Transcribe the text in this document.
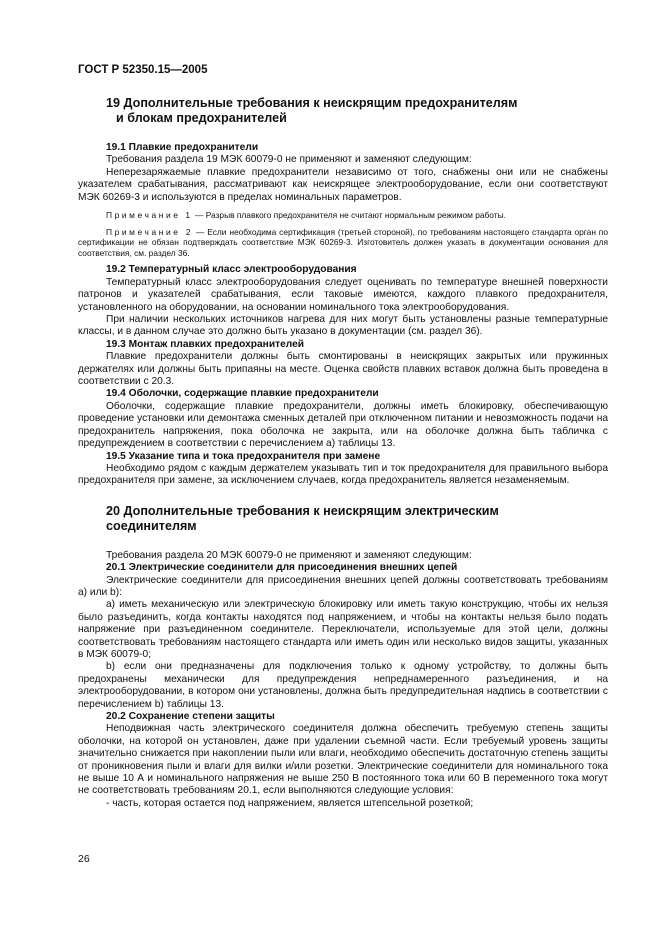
ГОСТ Р 52350.15—2005
19 Дополнительные требования к неискрящим предохранителям
и блокам предохранителей

19.1 Плавкие предохранители

Требования раздела 19 МЭК 60079-0 не применяют и заменяют следующим:

Неперезаряжаемые плавкие предохранители независимо от того, снабжены они или не снабжены указателем срабатывания, рассматривают как неискрящее электрооборудование, если они соответствуют МЭК 60269-3 и используются в пределах номинальных параметров.

Примечание 1 — Разрыв плавкого предохранителя не считают нормальным режимом работы.

Примечание 2 — Если необходима сертификация (третьей стороной), по требованиям настоящего стандарта орган по сертификации не обязан подтверждать соответствие МЭК 60269-3. Изготовитель должен указать в документации основания для соответствия, см. раздел 36.

19.2 Температурный класс электрооборудования

Температурный класс электрооборудования следует оценивать по температуре внешней поверхности патронов и указателей срабатывания, если таковые имеются, каждого плавкого предохранителя, установленного на оборудовании, на основании номинального тока электрооборудования.

При наличии нескольких источников нагрева для них могут быть установлены разные температурные классы, и в данном случае это должно быть указано в документации (см. раздел 36).

19.3 Монтаж плавких предохранителей

Плавкие предохранители должны быть смонтированы в неискрящих закрытых или пружинных держателях или должны быть припаяны на месте. Оценка свойств плавких вставок должна быть проведена в соответствии с 20.3.

19.4 Оболочки, содержащие плавкие предохранители

Оболочки, содержащие плавкие предохранители, должны иметь блокировку, обеспечивающую проведение установки или демонтажа сменных деталей при отключенном питании и невозможность подачи на предохранитель напряжения, пока оболочка не закрыта, или на оболочке должна быть табличка с предупреждением в соответствии с перечислением а) таблицы 13.

19.5 Указание типа и тока предохранителя при замене

Необходимо рядом с каждым держателем указывать тип и ток предохранителя для правильного выбора предохранителя при замене, за исключением случаев, когда предохранитель является незаменяемым.

20 Дополнительные требования к неискрящим электрическим
соединителям

Требования раздела 20 МЭК 60079-0 не применяют и заменяют следующим:

20.1 Электрические соединители для присоединения внешних цепей

Электрические соединители для присоединения внешних цепей должны соответствовать требованиям а) или b):

а) иметь механическую или электрическую блокировку или иметь такую конструкцию, чтобы их нельзя было разъединить, когда контакты находятся под напряжением, и чтобы на контакты нельзя было подать напряжение при разъединенном соединителе. Переключатели, используемые для этой цели, должны соответствовать требованиям настоящего стандарта или иметь один или несколько видов защиты, указанных в МЭК 60079-0;

b) если они предназначены для подключения только к одному устройству, то должны быть предохранены механически для предупреждения непреднамеренного разъединения, и на электрооборудовании, в котором они установлены, должна быть предупредительная надпись в соответствии с перечислением b) таблицы 13.

20.2 Сохранение степени защиты

Неподвижная часть электрического соединителя должна обеспечить требуемую степень защиты оболочки, на которой он установлен, даже при удалении съемной части. Если требуемый уровень защиты значительно снижается при накоплении пыли или влаги, необходимо обеспечить достаточную степень защиты от проникновения пыли и влаги для вилки и/или розетки. Электрические соединители для номинального тока не выше 10 А и номинального напряжения не выше 250 В постоянного тока или 60 В переменного тока могут не соответствовать требованиям 20.1, если выполняются следующие условия:

- часть, которая остается под напряжением, является штепсельной розеткой;

26
